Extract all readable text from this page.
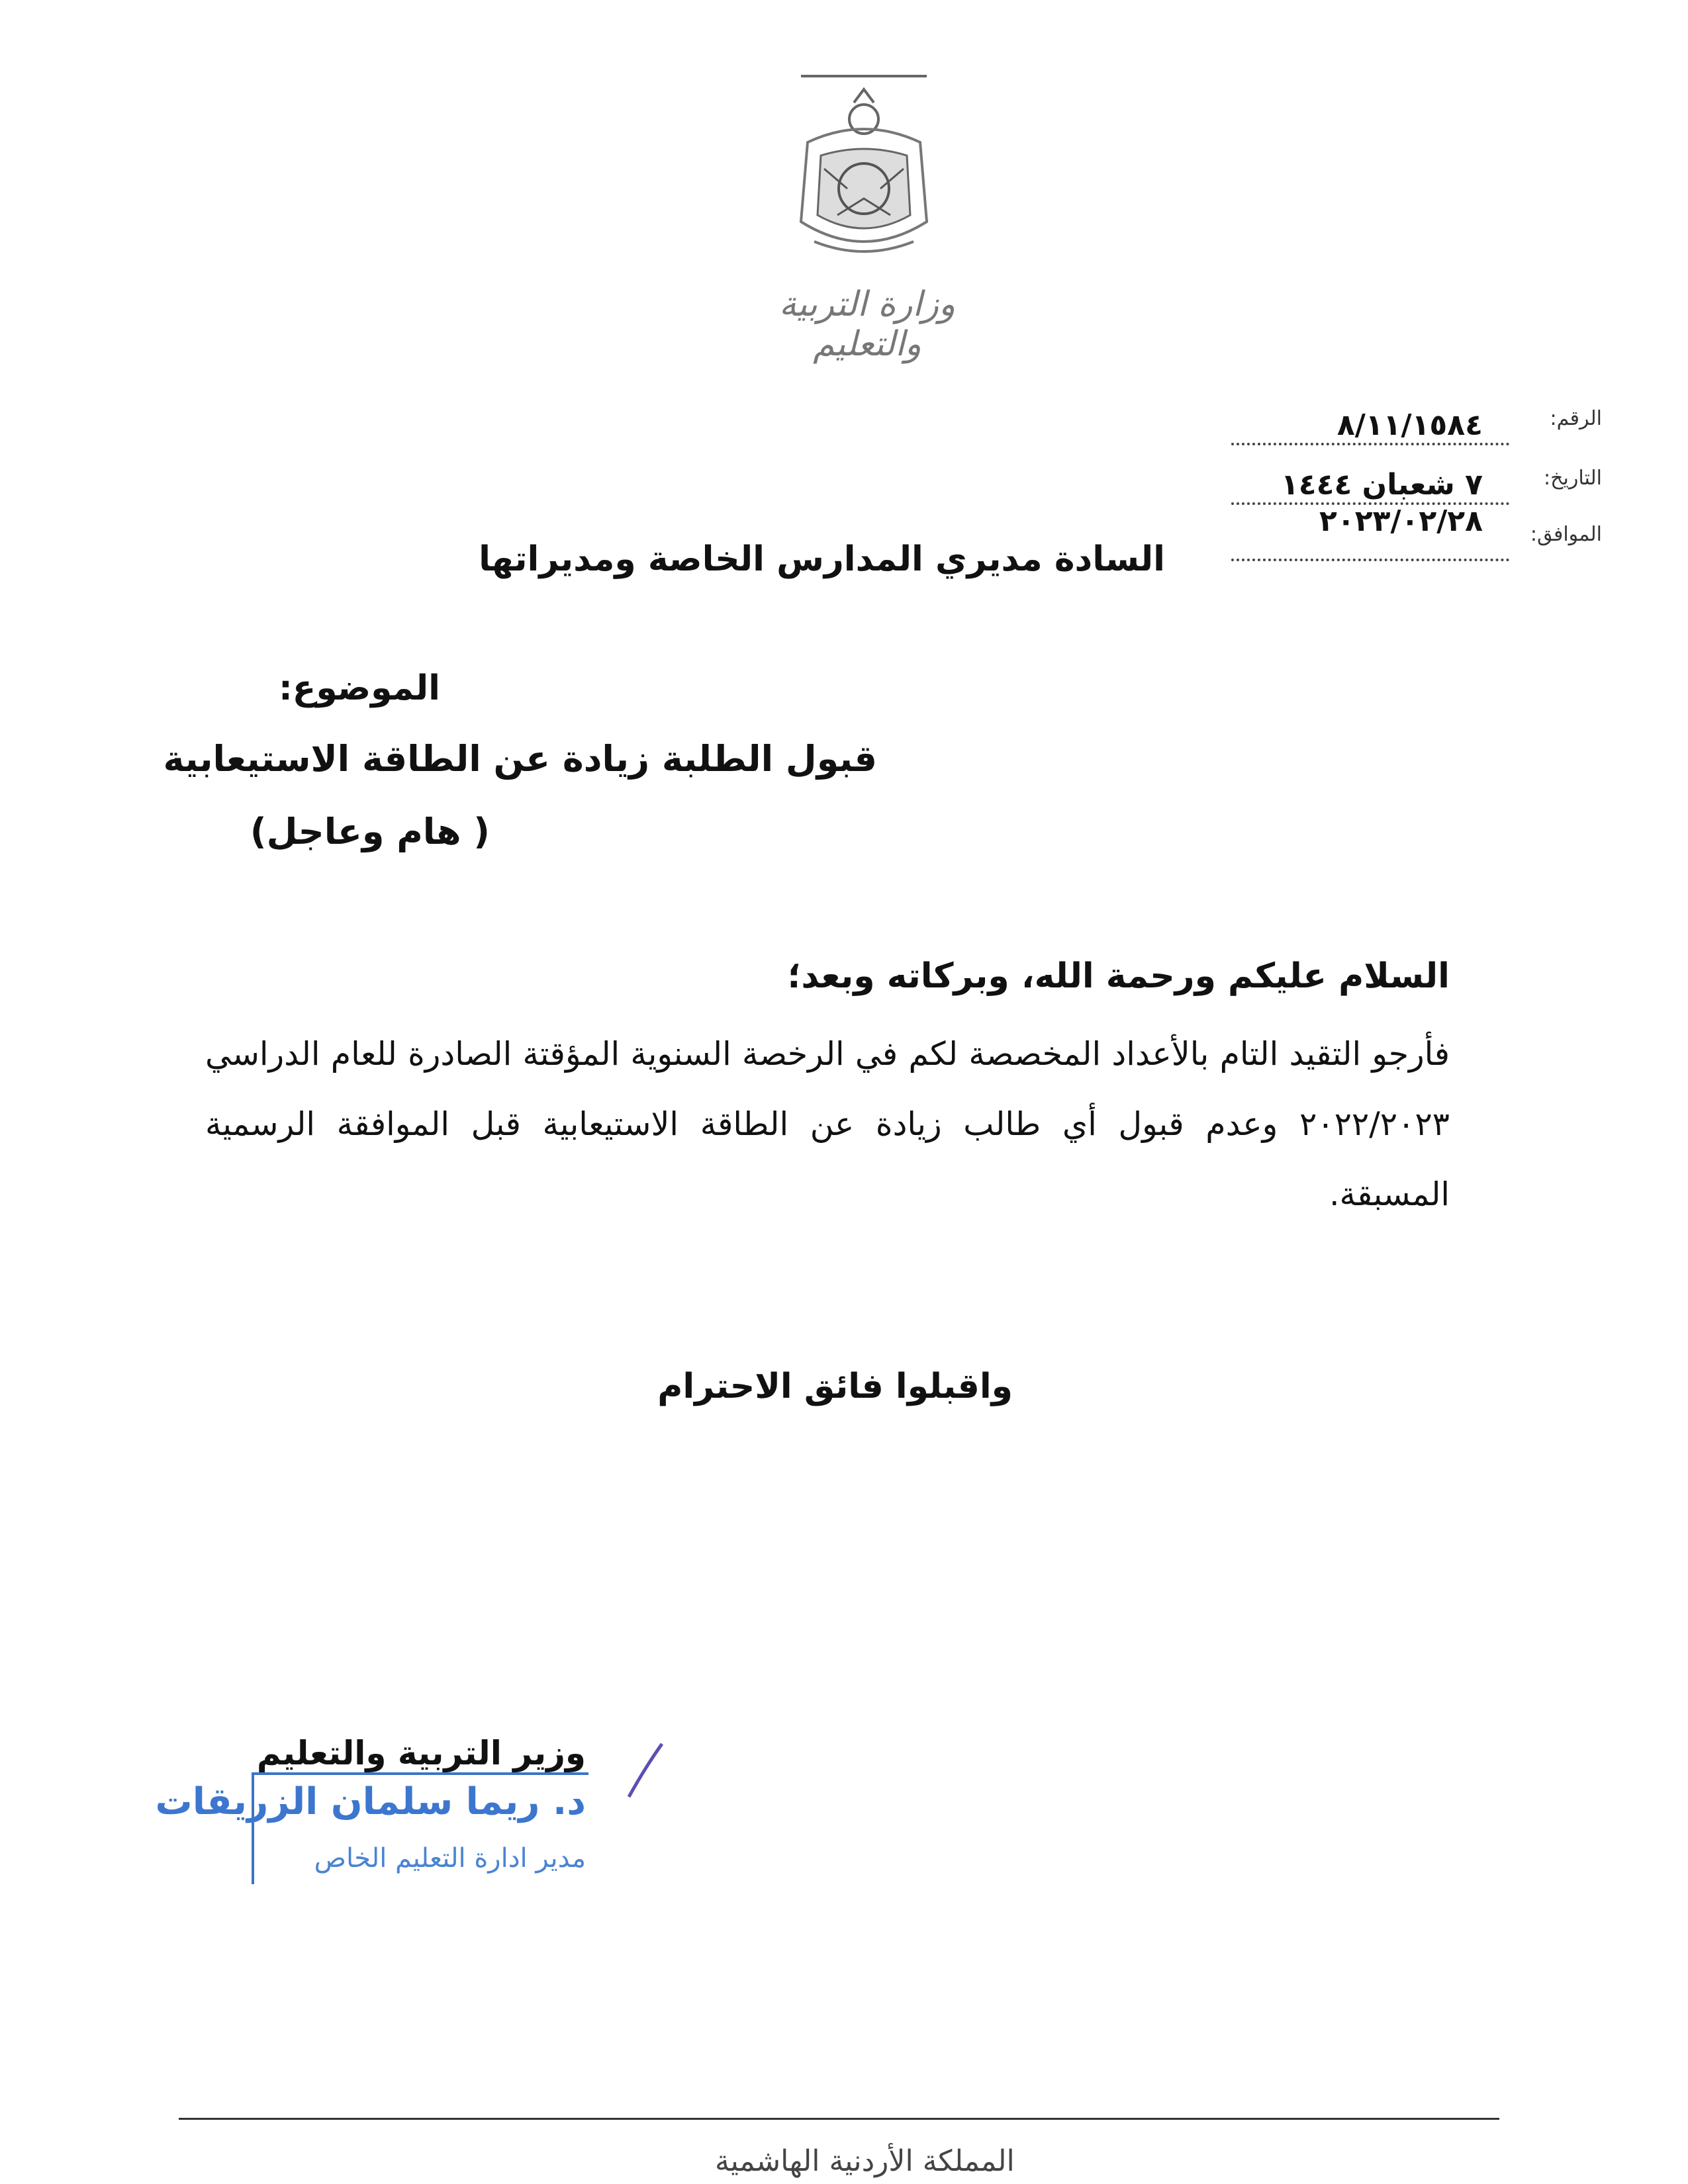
وزارة التربية والتعليم
الرقم:
٨/١١/١٥٨٤
التاريخ:
٧ شعبان ١٤٤٤
الموافق:
٢٠٢٣/٠٢/٢٨
السادة مديري المدارس الخاصة ومديراتها
الموضوع:
قبول الطلبة زيادة عن الطاقة الاستيعابية
( هام وعاجل)
السلام عليكم ورحمة الله، وبركاته وبعد؛
فأرجو التقيد التام بالأعداد المخصصة لكم في الرخصة السنوية المؤقتة الصادرة للعام الدراسي ٢٠٢٢/٢٠٢٣ وعدم قبول أي طالب زيادة عن الطاقة الاستيعابية قبل الموافقة الرسمية المسبقة.
واقبلوا فائق الاحترام
وزير التربية والتعليم
د. ريما سلمان الزريقات
مدير ادارة التعليم الخاص
المملكة الأردنية الهاشمية
